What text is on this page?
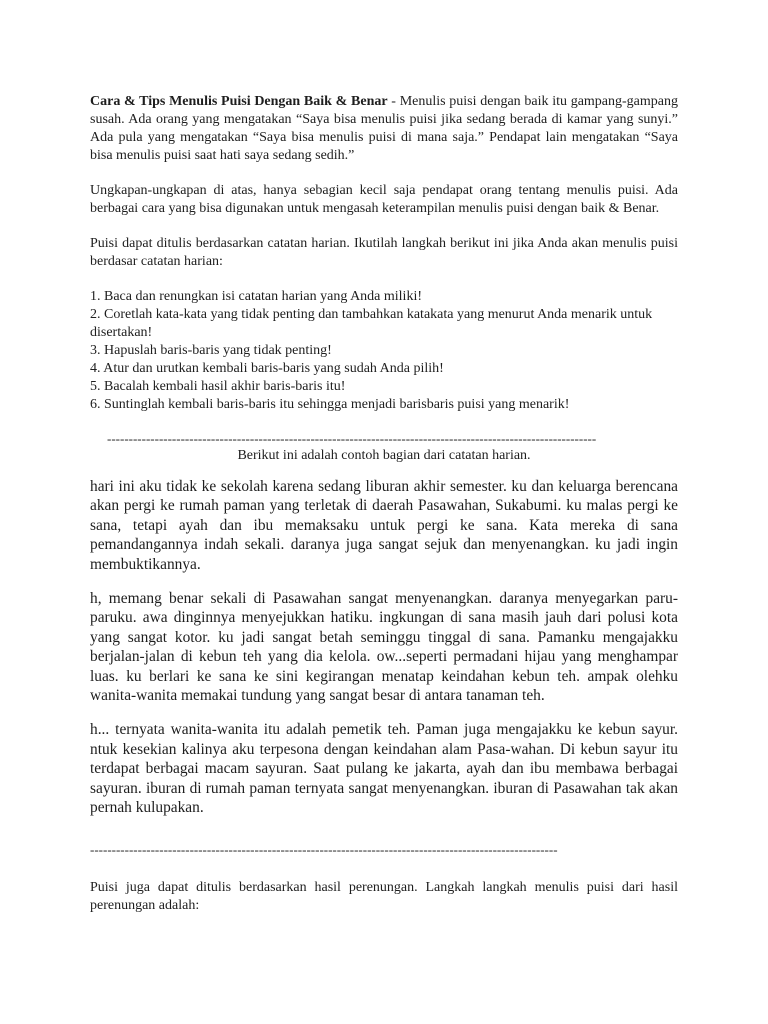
Cara & Tips Menulis Puisi Dengan Baik & Benar - Menulis puisi dengan baik itu gampang-gampang susah. Ada orang yang mengatakan “Saya bisa menulis puisi jika sedang berada di kamar yang sunyi.” Ada pula yang mengatakan “Saya bisa menulis puisi di mana saja.” Pendapat lain mengatakan “Saya bisa menulis puisi saat hati saya sedang sedih.”

Ungkapan-ungkapan di atas, hanya sebagian kecil saja pendapat orang tentang menulis puisi. Ada berbagai cara yang bisa digunakan untuk mengasah keterampilan menulis puisi dengan baik & Benar.

Puisi dapat ditulis berdasarkan catatan harian. Ikutilah langkah berikut ini jika Anda akan menulis puisi berdasar catatan harian:

1. Baca dan renungkan isi catatan harian yang Anda miliki!

2. Coretlah kata-kata yang tidak penting dan tambahkan katakata yang menurut Anda menarik untuk disertakan!

3. Hapuslah baris-baris yang tidak penting!

4. Atur dan urutkan kembali baris-baris yang sudah Anda pilih!

5. Bacalah kembali hasil akhir baris-baris itu!

6. Suntinglah kembali baris-baris itu sehingga menjadi barisbaris puisi yang menarik!

-----------------------------------------------------------------------------------------------------------------

Berikut ini adalah contoh bagian dari catatan harian.

hari ini aku tidak ke sekolah karena sedang liburan akhir semester. ku dan keluarga berencana akan pergi ke rumah paman yang terletak di daerah Pasawahan, Sukabumi. ku malas pergi ke sana, tetapi ayah dan ibu memaksaku untuk pergi ke sana. Kata mereka di sana pemandangannya indah sekali. daranya juga sangat sejuk dan menyenangkan. ku jadi ingin membuktikannya.

h, memang benar sekali di Pasawahan sangat menyenangkan. daranya menyegarkan paru-paruku. awa dinginnya menyejukkan hatiku. ingkungan di sana masih jauh dari polusi kota yang sangat kotor. ku jadi sangat betah seminggu tinggal di sana. Pamanku mengajakku berjalan-jalan di kebun teh yang dia kelola. ow...seperti permadani hijau yang menghampar luas. ku berlari ke sana ke sini kegirangan menatap keindahan kebun teh. ampak olehku wanita-wanita memakai tundung yang sangat besar di antara tanaman teh.

h... ternyata wanita-wanita itu adalah pemetik teh. Paman juga mengajakku ke kebun sayur. ntuk kesekian kalinya aku terpesona dengan keindahan alam Pasa-wahan. Di kebun sayur itu terdapat berbagai macam sayuran. Saat pulang ke jakarta, ayah dan ibu membawa berbagai sayuran. iburan di rumah paman ternyata sangat menyenangkan. iburan di Pasawahan tak akan pernah kulupakan.

------------------------------------------------------------------------------------------------------------

Puisi juga dapat ditulis berdasarkan hasil perenungan. Langkah langkah menulis puisi dari hasil perenungan adalah:
